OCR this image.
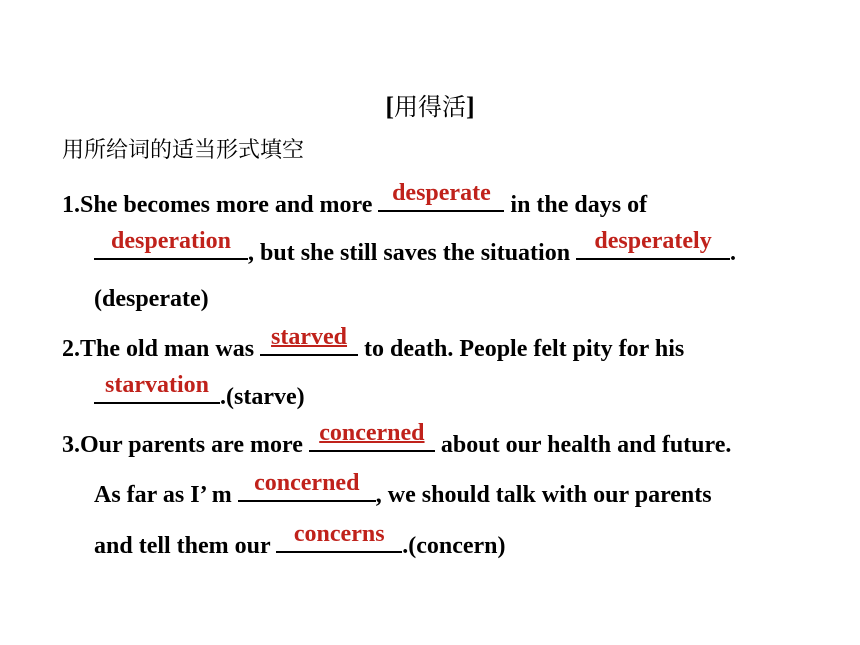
[用得活]
用所给词的适当形式填空
1.She becomes more and more desperate in the days of
desperation , but she still saves the situation desperately .
(desperate)
2.The old man was starved to death. People felt pity for his
starvation .(starve)
3.Our parents are more concerned about our health and future.
As far as I’ m concerned , we should talk with our parents
and tell them our concerns .(concern)
